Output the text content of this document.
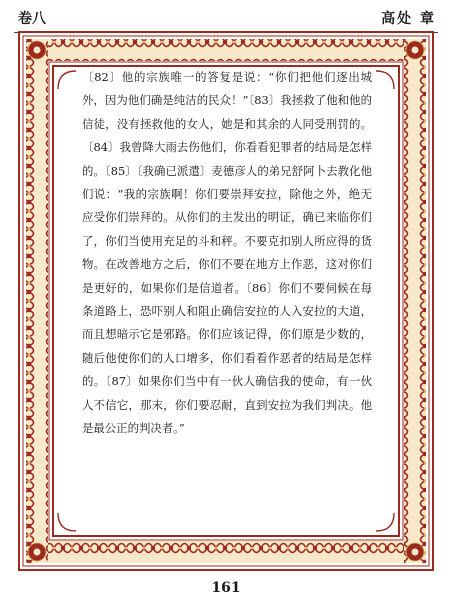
卷八	高处 章

〔82〕他的宗族唯一的答复是说：“你们把他们逐出城外，因为他们确是纯洁的民众！”〔83〕我拯救了他和他的信徒，没有拯救他的女人，她是和其余的人同受刑罚的。〔84〕我曾降大雨去伤他们，你看看犯罪者的结局是怎样的。〔85〕〔我确已派遣〕麦德彦人的弟兄舒阿卜去教化他们说：“我的宗族啊！你们要崇拜安拉，除他之外，绝无应受你们崇拜的。从你们的主发出的明证，确已来临你们了，你们当使用充足的斗和秤。不要克扣别人所应得的货物。在改善地方之后，你们不要在地方上作恶，这对你们是更好的，如果你们是信道者。〔86〕你们不要伺候在每条道路上，恐吓别人和阻止确信安拉的人入安拉的大道，而且想暗示它是邪路。你们应该记得，你们原是少数的，随后他使你们的人口增多，你们看看作恶者的结局是怎样的。〔87〕如果你们当中有一伙人确信我的使命，有一伙人不信它，那末，你们要忍耐，直到安拉为我们判决。他是最公正的判决者。”

161
